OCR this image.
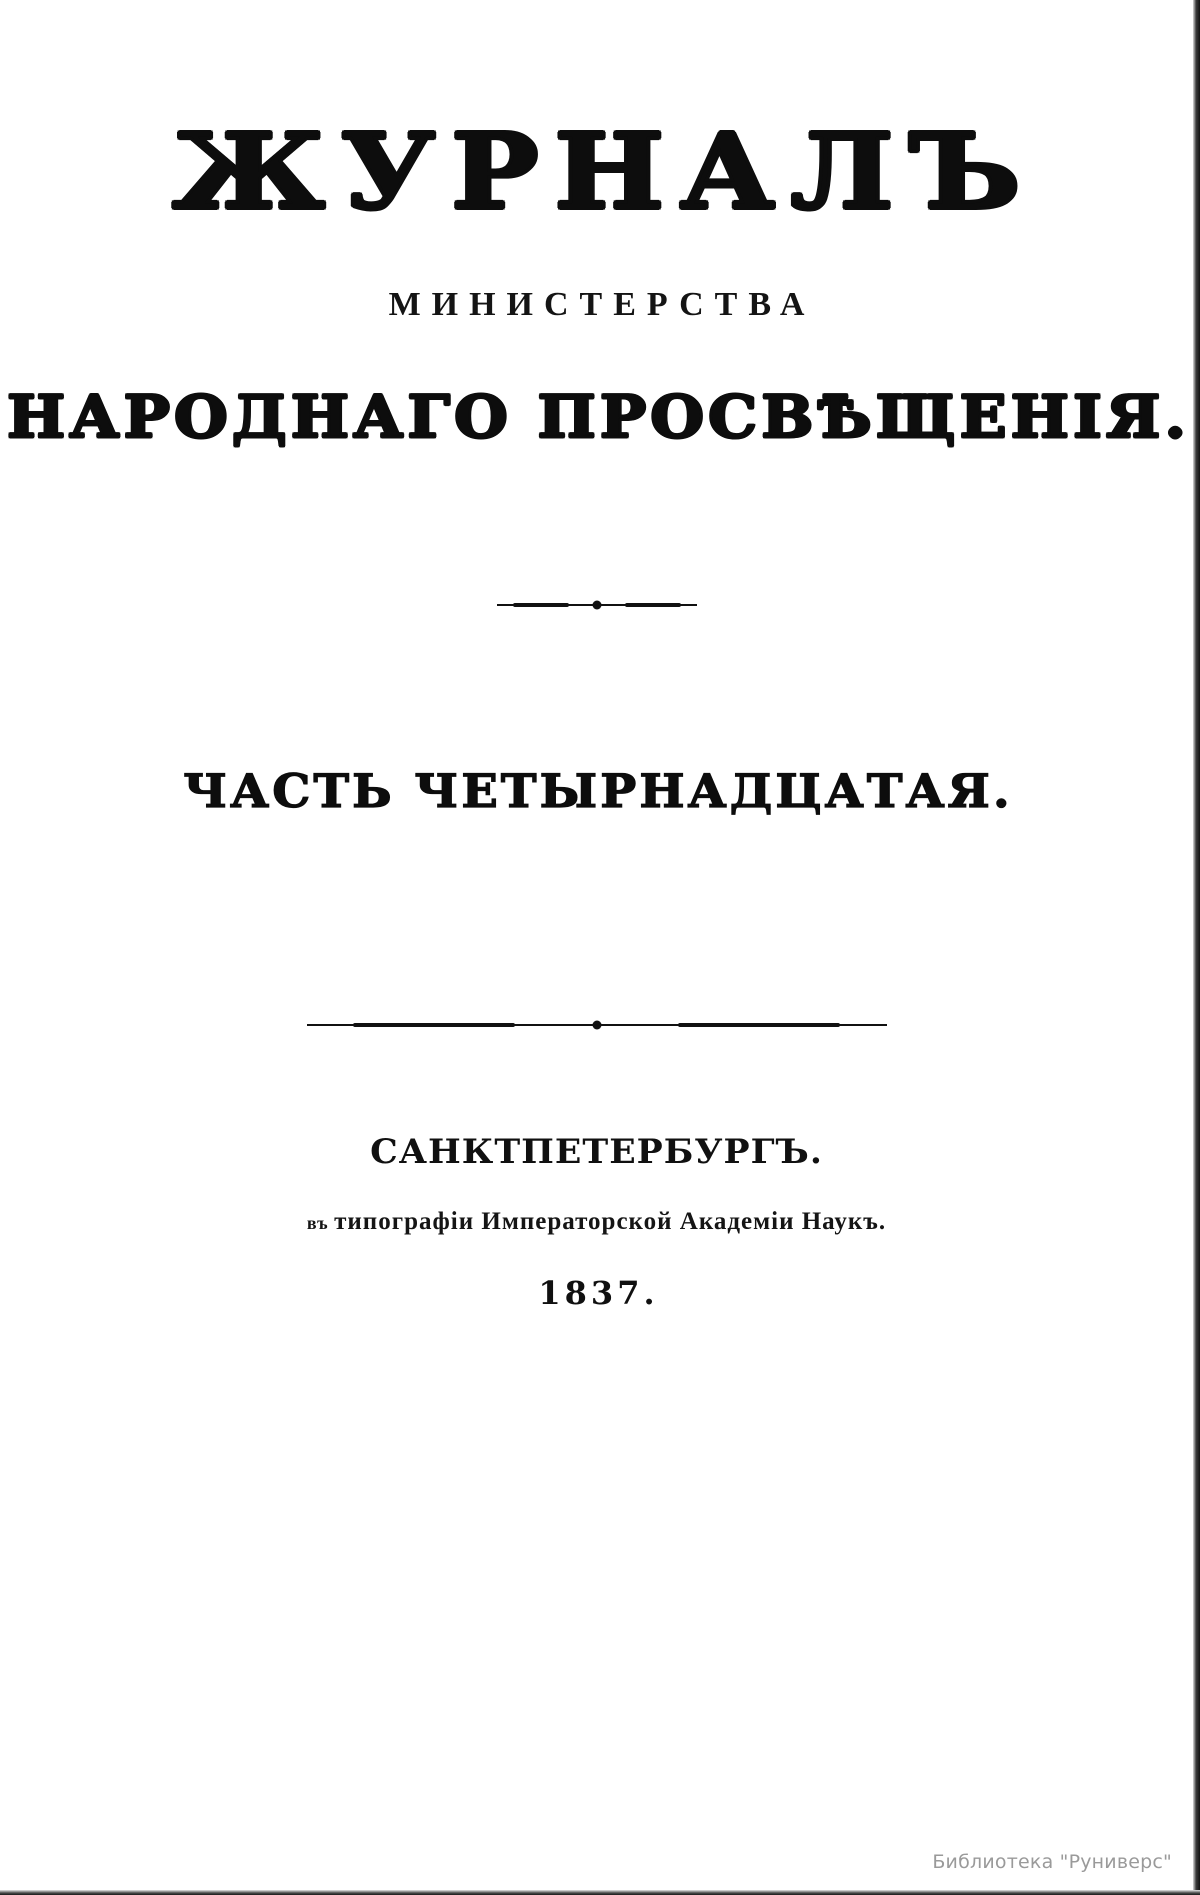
ЖУРНАЛЪ
МИНИСТЕРСТВА
НАРОДНАГО ПРОСВѢЩЕНІЯ.
ЧАСТЬ ЧЕТЫРНАДЦАТАЯ.
САНКТПЕТЕРБУРГЪ.
въ типографіи Императорской Академіи Наукъ.
1837.
Библиотека "Руниверс"
